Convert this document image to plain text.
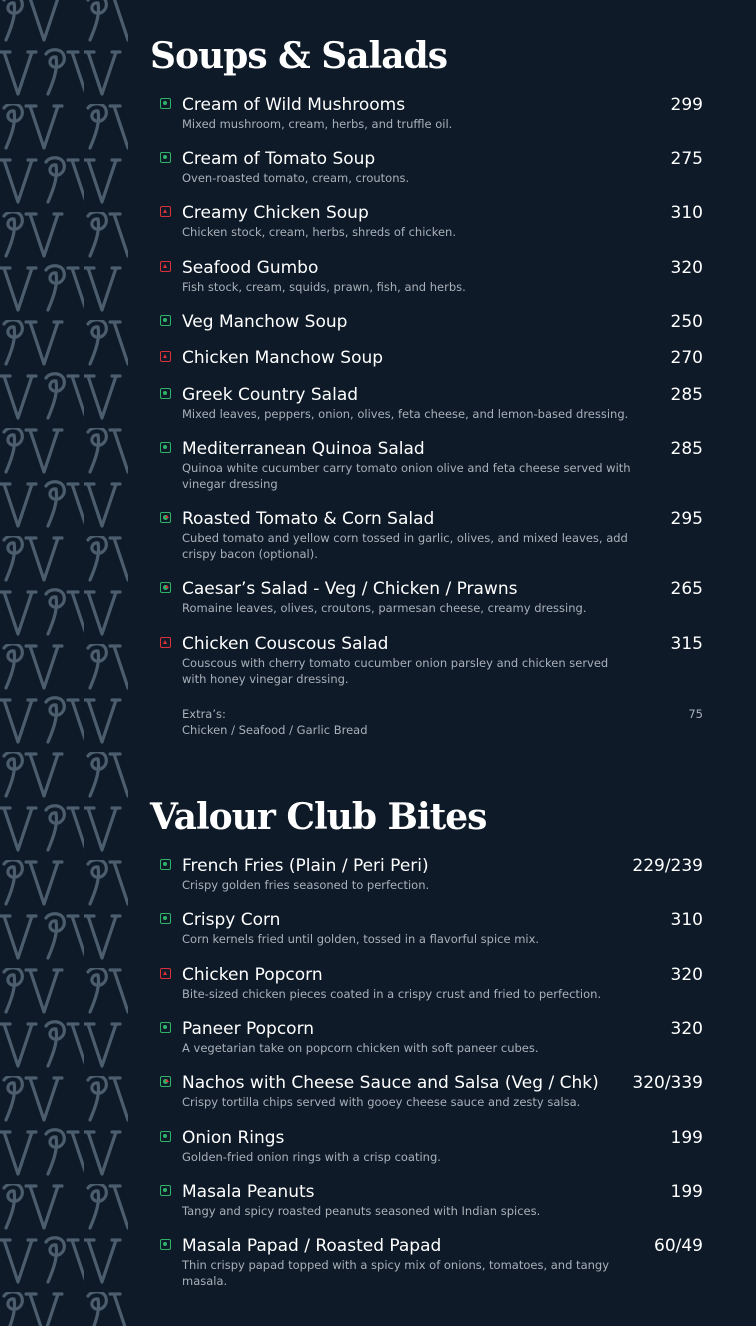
Soups & Salads
Cream of Wild Mushrooms	299
Mixed mushroom, cream, herbs, and truffle oil.
Cream of Tomato Soup	275
Oven-roasted tomato, cream, croutons.
Creamy Chicken Soup	310
Chicken stock, cream, herbs, shreds of chicken.
Seafood Gumbo	320
Fish stock, cream, squids, prawn, fish, and herbs.
Veg Manchow Soup	250
Chicken Manchow Soup	270
Greek Country Salad	285
Mixed leaves, peppers, onion, olives, feta cheese, and lemon-based dressing.
Mediterranean Quinoa Salad	285
Quinoa white cucumber carry tomato onion olive and feta cheese served with vinegar dressing
Roasted Tomato & Corn Salad	295
Cubed tomato and yellow corn tossed in garlic, olives, and mixed leaves, add crispy bacon (optional).
Caesar’s Salad - Veg / Chicken / Prawns	265
Romaine leaves, olives, croutons, parmesan cheese, creamy dressing.
Chicken Couscous Salad	315
Couscous with cherry tomato cucumber onion parsley and chicken served with honey vinegar dressing.
Extra’s:
Chicken / Seafood / Garlic Bread
75
Valour Club Bites
French Fries (Plain / Peri Peri)	229/239
Crispy golden fries seasoned to perfection.
Crispy Corn	310
Corn kernels fried until golden, tossed in a flavorful spice mix.
Chicken Popcorn	320
Bite-sized chicken pieces coated in a crispy crust and fried to perfection.
Paneer Popcorn	320
A vegetarian take on popcorn chicken with soft paneer cubes.
Nachos with Cheese Sauce and Salsa (Veg / Chk) 320/339
Crispy tortilla chips served with gooey cheese sauce and zesty salsa.
Onion Rings	199
Golden-fried onion rings with a crisp coating.
Masala Peanuts	199
Tangy and spicy roasted peanuts seasoned with Indian spices.
Masala Papad / Roasted Papad	60/49
Thin crispy papad topped with a spicy mix of onions, tomatoes, and tangy masala.
